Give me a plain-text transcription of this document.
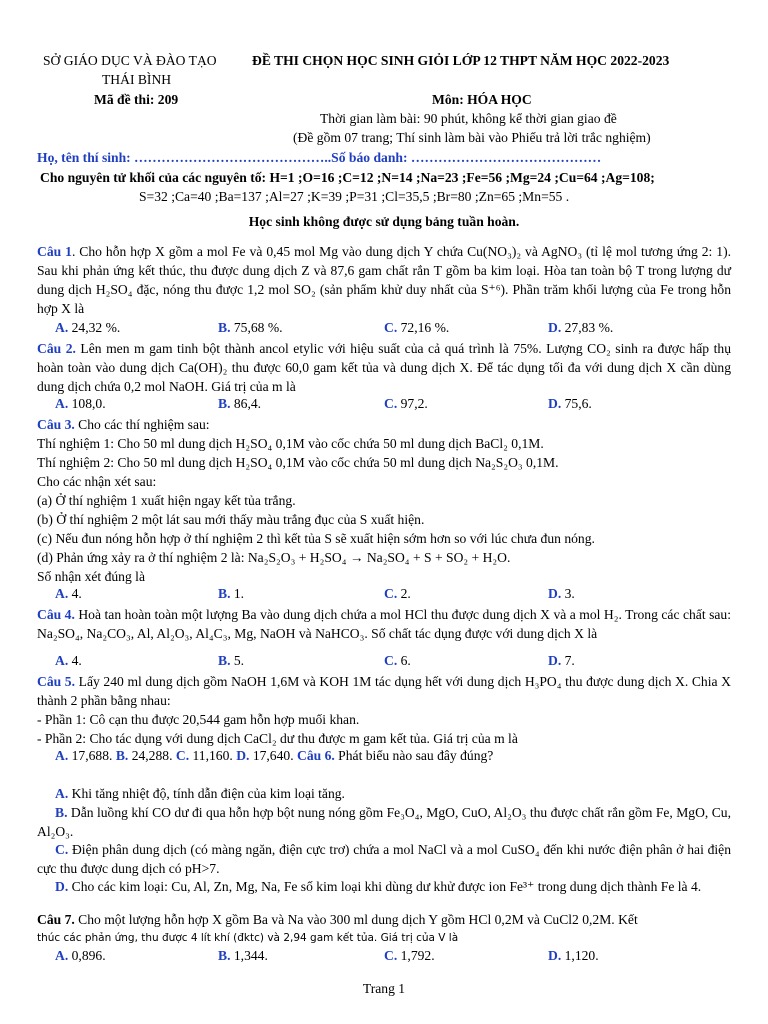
SỞ GIÁO DỤC VÀ ĐÀO TẠO
THÁI BÌNH
ĐỀ THI CHỌN HỌC SINH GIỎI LỚP 12 THPT NĂM HỌC 2022-2023
Mã đề thi: 209	Môn: HÓA HỌC
Thời gian làm bài: 90 phút, không kể thời gian giao đề
(Đề gồm 07 trang; Thí sinh làm bài vào Phiếu trả lời trắc nghiệm)
Họ, tên thí sinh: ……………………………………..Số báo danh: ……………………………………
Cho nguyên tử khối của các nguyên tố: H=1 ;O=16 ;C=12 ;N=14 ;Na=23 ;Fe=56 ;Mg=24 ;Cu=64 ;Ag=108;
S=32 ;Ca=40 ;Ba=137 ;Al=27 ;K=39 ;P=31 ;Cl=35,5 ;Br=80 ;Zn=65 ;Mn=55 .
Học sinh không được sử dụng bảng tuần hoàn.
Câu 1. Cho hỗn hợp X gồm a mol Fe và 0,45 mol Mg vào dung dịch Y chứa Cu(NO₃)₂ và AgNO₃ (tỉ lệ mol tương ứng 2: 1). Sau khi phản ứng kết thúc, thu được dung dịch Z và 87,6 gam chất rắn T gồm ba kim loại. Hòa tan toàn bộ T trong lượng dư dung dịch H₂SO₄ đặc, nóng thu được 1,2 mol SO₂ (sản phẩm khử duy nhất của S⁺⁶). Phần trăm khối lượng của Fe trong hỗn hợp X là
A. 24,32 %.	B. 75,68 %.	C. 72,16 %.	D. 27,83 %.
Câu 2. Lên men m gam tinh bột thành ancol etylic với hiệu suất của cả quá trình là 75%. Lượng CO₂ sinh ra được hấp thụ hoàn toàn vào dung dịch Ca(OH)₂ thu được 60,0 gam kết tủa và dung dịch X. Để tác dụng tối đa với dung dịch X cần dùng dung dịch chứa 0,2 mol NaOH. Giá trị của m là
A. 108,0.	B. 86,4.	C. 97,2.	D. 75,6.
Câu 3. Cho các thí nghiệm sau:
Thí nghiệm 1: Cho 50 ml dung dịch H₂SO₄ 0,1M vào cốc chứa 50 ml dung dịch BaCl₂ 0,1M.
Thí nghiệm 2: Cho 50 ml dung dịch H₂SO₄ 0,1M vào cốc chứa 50 ml dung dịch Na₂S₂O₃ 0,1M.
Cho các nhận xét sau:
(a) Ở thí nghiệm 1 xuất hiện ngay kết tủa trắng.
(b) Ở thí nghiệm 2 một lát sau mới thấy màu trắng đục của S xuất hiện.
(c) Nếu đun nóng hỗn hợp ở thí nghiệm 2 thì kết tủa S sẽ xuất hiện sớm hơn so với lúc chưa đun nóng.
(d) Phản ứng xảy ra ở thí nghiệm 2 là: Na₂S₂O₃ + H₂SO₄ → Na₂SO₄ + S + SO₂ + H₂O.
Số nhận xét đúng là
A. 4.	B. 1.	C. 2.	D. 3.
Câu 4. Hoà tan hoàn toàn một lượng Ba vào dung dịch chứa a mol HCl thu được dung dịch X và a mol H₂. Trong các chất sau: Na₂SO₄, Na₂CO₃, Al, Al₂O₃, Al₄C₃, Mg, NaOH và NaHCO₃. Số chất tác dụng được với dung dịch X là
A. 4.	B. 5.	C. 6.	D. 7.
Câu 5. Lấy 240 ml dung dịch gồm NaOH 1,6M và KOH 1M tác dụng hết với dung dịch H₃PO₄ thu được dung dịch X. Chia X thành 2 phần bằng nhau:
- Phần 1: Cô cạn thu được 20,544 gam hỗn hợp muối khan.
- Phần 2: Cho tác dụng với dung dịch CaCl₂ dư thu được m gam kết tủa. Giá trị của m là
A. 17,688. B. 24,288. C. 11,160. D. 17,640. Câu 6. Phát biểu nào sau đây đúng?
A. Khi tăng nhiệt độ, tính dẫn điện của kim loại tăng.
B. Dẫn luồng khí CO dư đi qua hỗn hợp bột nung nóng gồm Fe₃O₄, MgO, CuO, Al₂O₃ thu được chất rắn gồm Fe, MgO, Cu, Al₂O₃.
C. Điện phân dung dịch (có màng ngăn, điện cực trơ) chứa a mol NaCl và a mol CuSO₄ đến khi nước điện phân ở hai điện cực thu được dung dịch có pH>7.
D. Cho các kim loại: Cu, Al, Zn, Mg, Na, Fe số kim loại khi dùng dư khử được ion Fe³⁺ trong dung dịch thành Fe là 4.
Câu 7. Cho một lượng hỗn hợp X gồm Ba và Na vào 300 ml dung dịch Y gồm HCl 0,2M và CuCl2 0,2M. Kết
thúc các phản ứng, thu được 4 lít khí (đktc) và 2,94 gam kết tủa. Giá trị của V là
A. 0,896.	B. 1,344.	C. 1,792.	D. 1,120.
Trang 1
